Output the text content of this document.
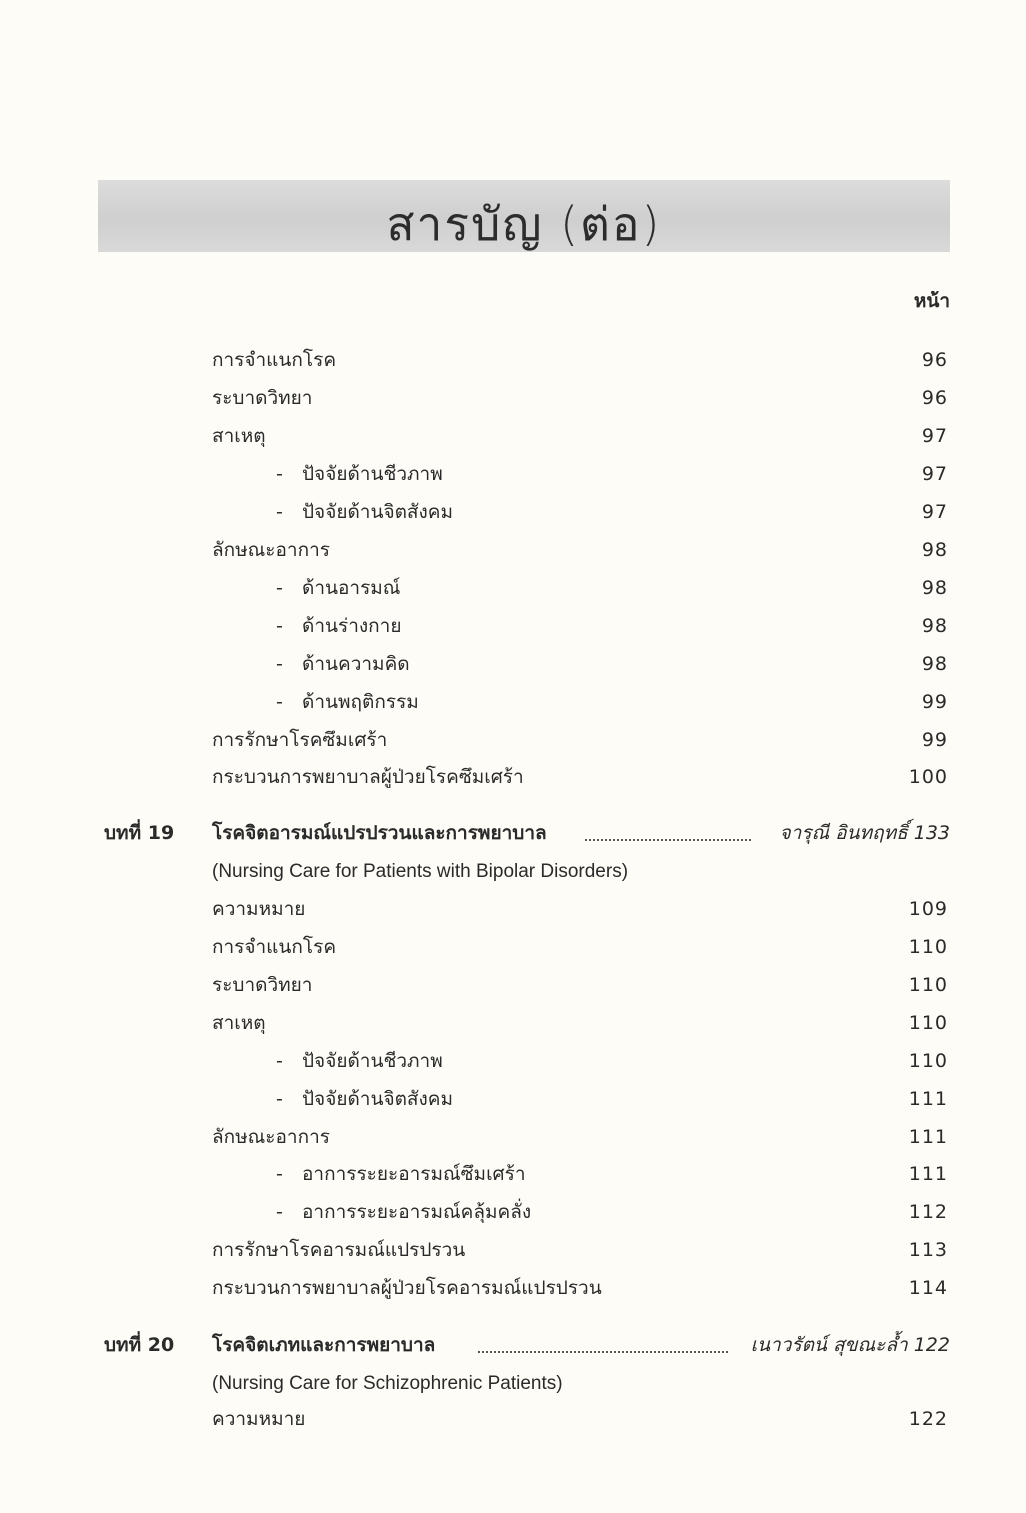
สารบัญ (ต่อ)
หน้า
การจำแนกโรค	96
ระบาดวิทยา	96
สาเหตุ	97
- ปัจจัยด้านชีวภาพ	97
- ปัจจัยด้านจิตสังคม	97
ลักษณะอาการ	98
- ด้านอารมณ์	98
- ด้านร่างกาย	98
- ด้านความคิด	98
- ด้านพฤติกรรม	99
การรักษาโรคซึมเศร้า	99
กระบวนการพยาบาลผู้ป่วยโรคซึมเศร้า	100
บทที่ 19 โรคจิตอารมณ์แปรปรวนและการพยาบาล	จารุณี อินทฤทธิ์ 133
(Nursing Care for Patients with Bipolar Disorders)
ความหมาย	109
การจำแนกโรค	110
ระบาดวิทยา	110
สาเหตุ	110
- ปัจจัยด้านชีวภาพ	110
- ปัจจัยด้านจิตสังคม	111
ลักษณะอาการ	111
- อาการระยะอารมณ์ซึมเศร้า	111
- อาการระยะอารมณ์คลุ้มคลั่ง	112
การรักษาโรคอารมณ์แปรปรวน	113
กระบวนการพยาบาลผู้ป่วยโรคอารมณ์แปรปรวน	114
บทที่ 20 โรคจิตเภทและการพยาบาล	เนาวรัตน์ สุขณะล้ำ 122
(Nursing Care for Schizophrenic Patients)
ความหมาย	122
